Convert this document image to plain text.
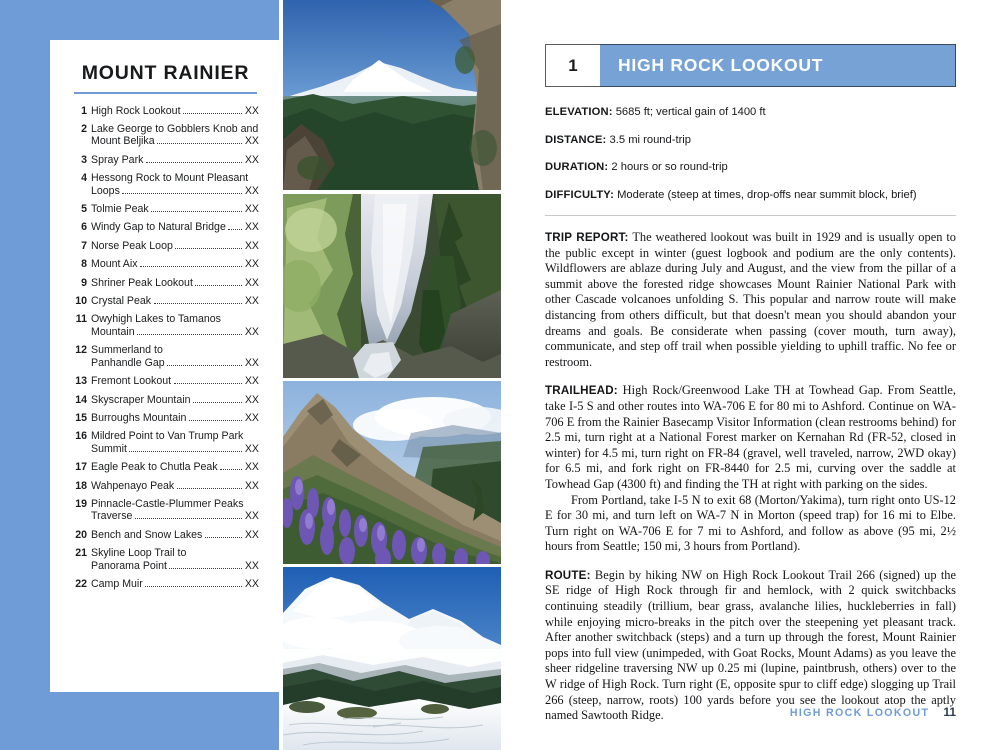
MOUNT RAINIER
1 High Rock Lookout	XX
2 Lake George to Gobblers Knob and
Mount Beljika	XX
3 Spray Park	XX
4 Hessong Rock to Mount Pleasant
Loops	XX
5 Tolmie Peak	XX
6 Windy Gap to Natural Bridge XX
7 Norse Peak Loop	XX
8 Mount Aix	XX
9 Shriner Peak Lookout	XX
10 Crystal Peak	XX
11 Owyhigh Lakes to Tamanos
Mountain	XX
12 Summerland to
Panhandle Gap	XX
13 Fremont Lookout	XX
14 Skyscraper Mountain	XX
15 Burroughs Mountain	XX
16 Mildred Point to Van Trump Park
Summit	XX
17 Eagle Peak to Chutla Peak	XX
18 Wahpenayo Peak	XX
19 Pinnacle-Castle-Plummer Peaks
Traverse	XX
20 Bench and Snow Lakes	XX
21 Skyline Loop Trail to
Panorama Point	XX
22 Camp Muir	XX
1	HIGH ROCK LOOKOUT
ELEVATION: 5685 ft; vertical gain of 1400 ft
DISTANCE: 3.5 mi round-trip
DURATION: 2 hours or so round-trip
DIFFICULTY: Moderate (steep at times, drop-offs near summit block, brief)

TRIP REPORT: The weathered lookout was built in 1929 and is usually open to the public except in winter (guest logbook and podium are the only contents). Wildflowers are ablaze during July and August, and the view from the pillar of a summit above the forested ridge showcases Mount Rainier National Park with other Cascade volcanoes unfolding S. This popular and narrow route will make distancing from others difficult, but that doesn't mean you should abandon your dreams and goals. Be considerate when passing (cover mouth, turn away), communicate, and step off trail when possible yielding to uphill traffic. No fee or restroom.

TRAILHEAD: High Rock/Greenwood Lake TH at Towhead Gap. From Seattle, take I-5 S and other routes into WA-706 E for 80 mi to Ashford. Continue on WA-706 E from the Rainier Basecamp Visitor Information (clean restrooms behind) for 2.5 mi, turn right at a National Forest marker on Kernahan Rd (FR-52, closed in winter) for 4.5 mi, turn right on FR-84 (gravel, well traveled, narrow, 2WD okay) for 6.5 mi, and fork right on FR-8440 for 2.5 mi, curving over the saddle at Towhead Gap (4300 ft) and finding the TH at right with parking on the sides.
From Portland, take I-5 N to exit 68 (Morton/Yakima), turn right onto US-12 E for 30 mi, and turn left on WA-7 N in Morton (speed trap) for 16 mi to Elbe. Turn right on WA-706 E for 7 mi to Ashford, and follow as above (95 mi, 2½ hours from Seattle; 150 mi, 3 hours from Portland).

ROUTE: Begin by hiking NW on High Rock Lookout Trail 266 (signed) up the SE ridge of High Rock through fir and hemlock, with 2 quick switchbacks continuing steadily (trillium, bear grass, avalanche lilies, huckleberries in fall) while enjoying micro-breaks in the pitch over the steepening yet pleasant track. After another switchback (steps) and a turn up through the forest, Mount Rainier pops into full view (unimpeded, with Goat Rocks, Mount Adams) as you leave the sheer ridgeline traversing NW up 0.25 mi (lupine, paintbrush, others) over to the W ridge of High Rock. Turn right (E, opposite spur to cliff edge) slogging up Trail 266 (steep, narrow, roots) 100 yards before you see the lookout atop the aptly named Sawtooth Ridge.	HIGH ROCK LOOKOUT 11
